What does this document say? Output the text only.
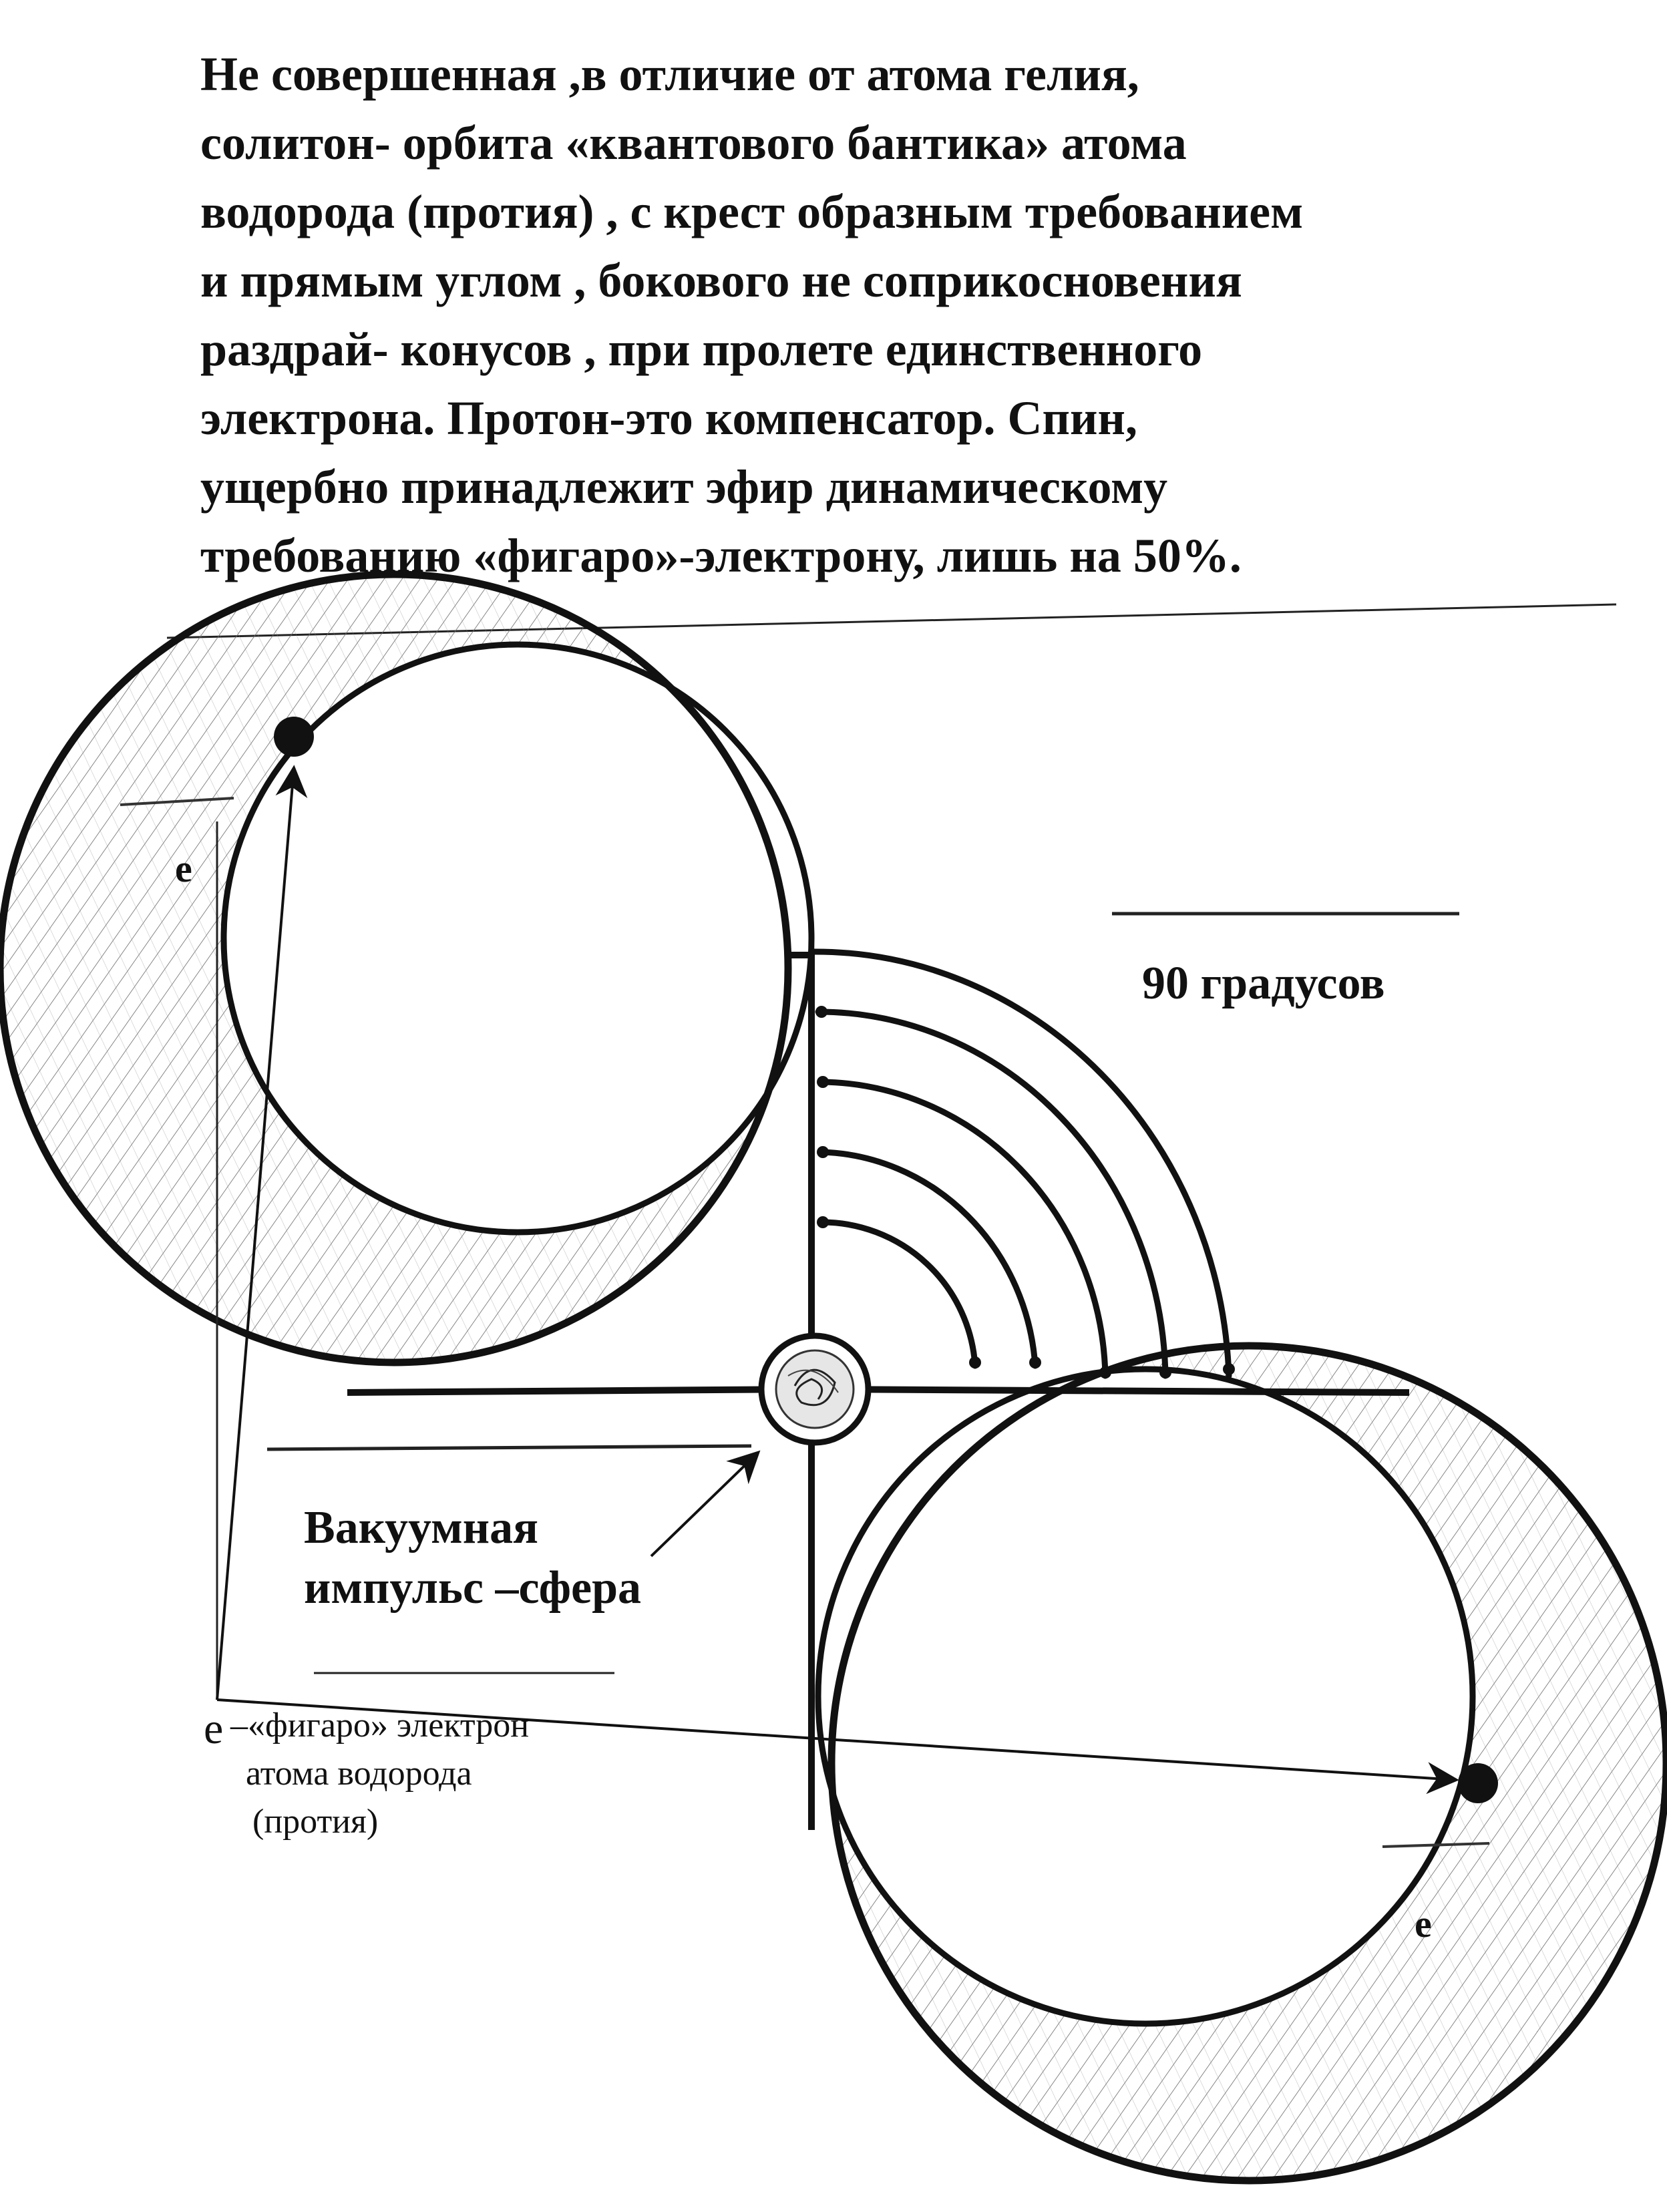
Не совершенная ,в отличие от атома гелия,
солитон- орбита «квантового бантика» атома
водорода (протия) , с крест образным требованием
и прямым углом , бокового не соприкосновения
раздрай- конусов , при пролете единственного
электрона. Протон-это компенсатор. Спин,
ущербно принадлежит эфир динамическому
требованию «фигаро»-электрону, лишь на 50%.
90 градусов
e
e
Вакуумная
импульс –сфера
e –«фигаро» электрон
атома водорода
(протия)
